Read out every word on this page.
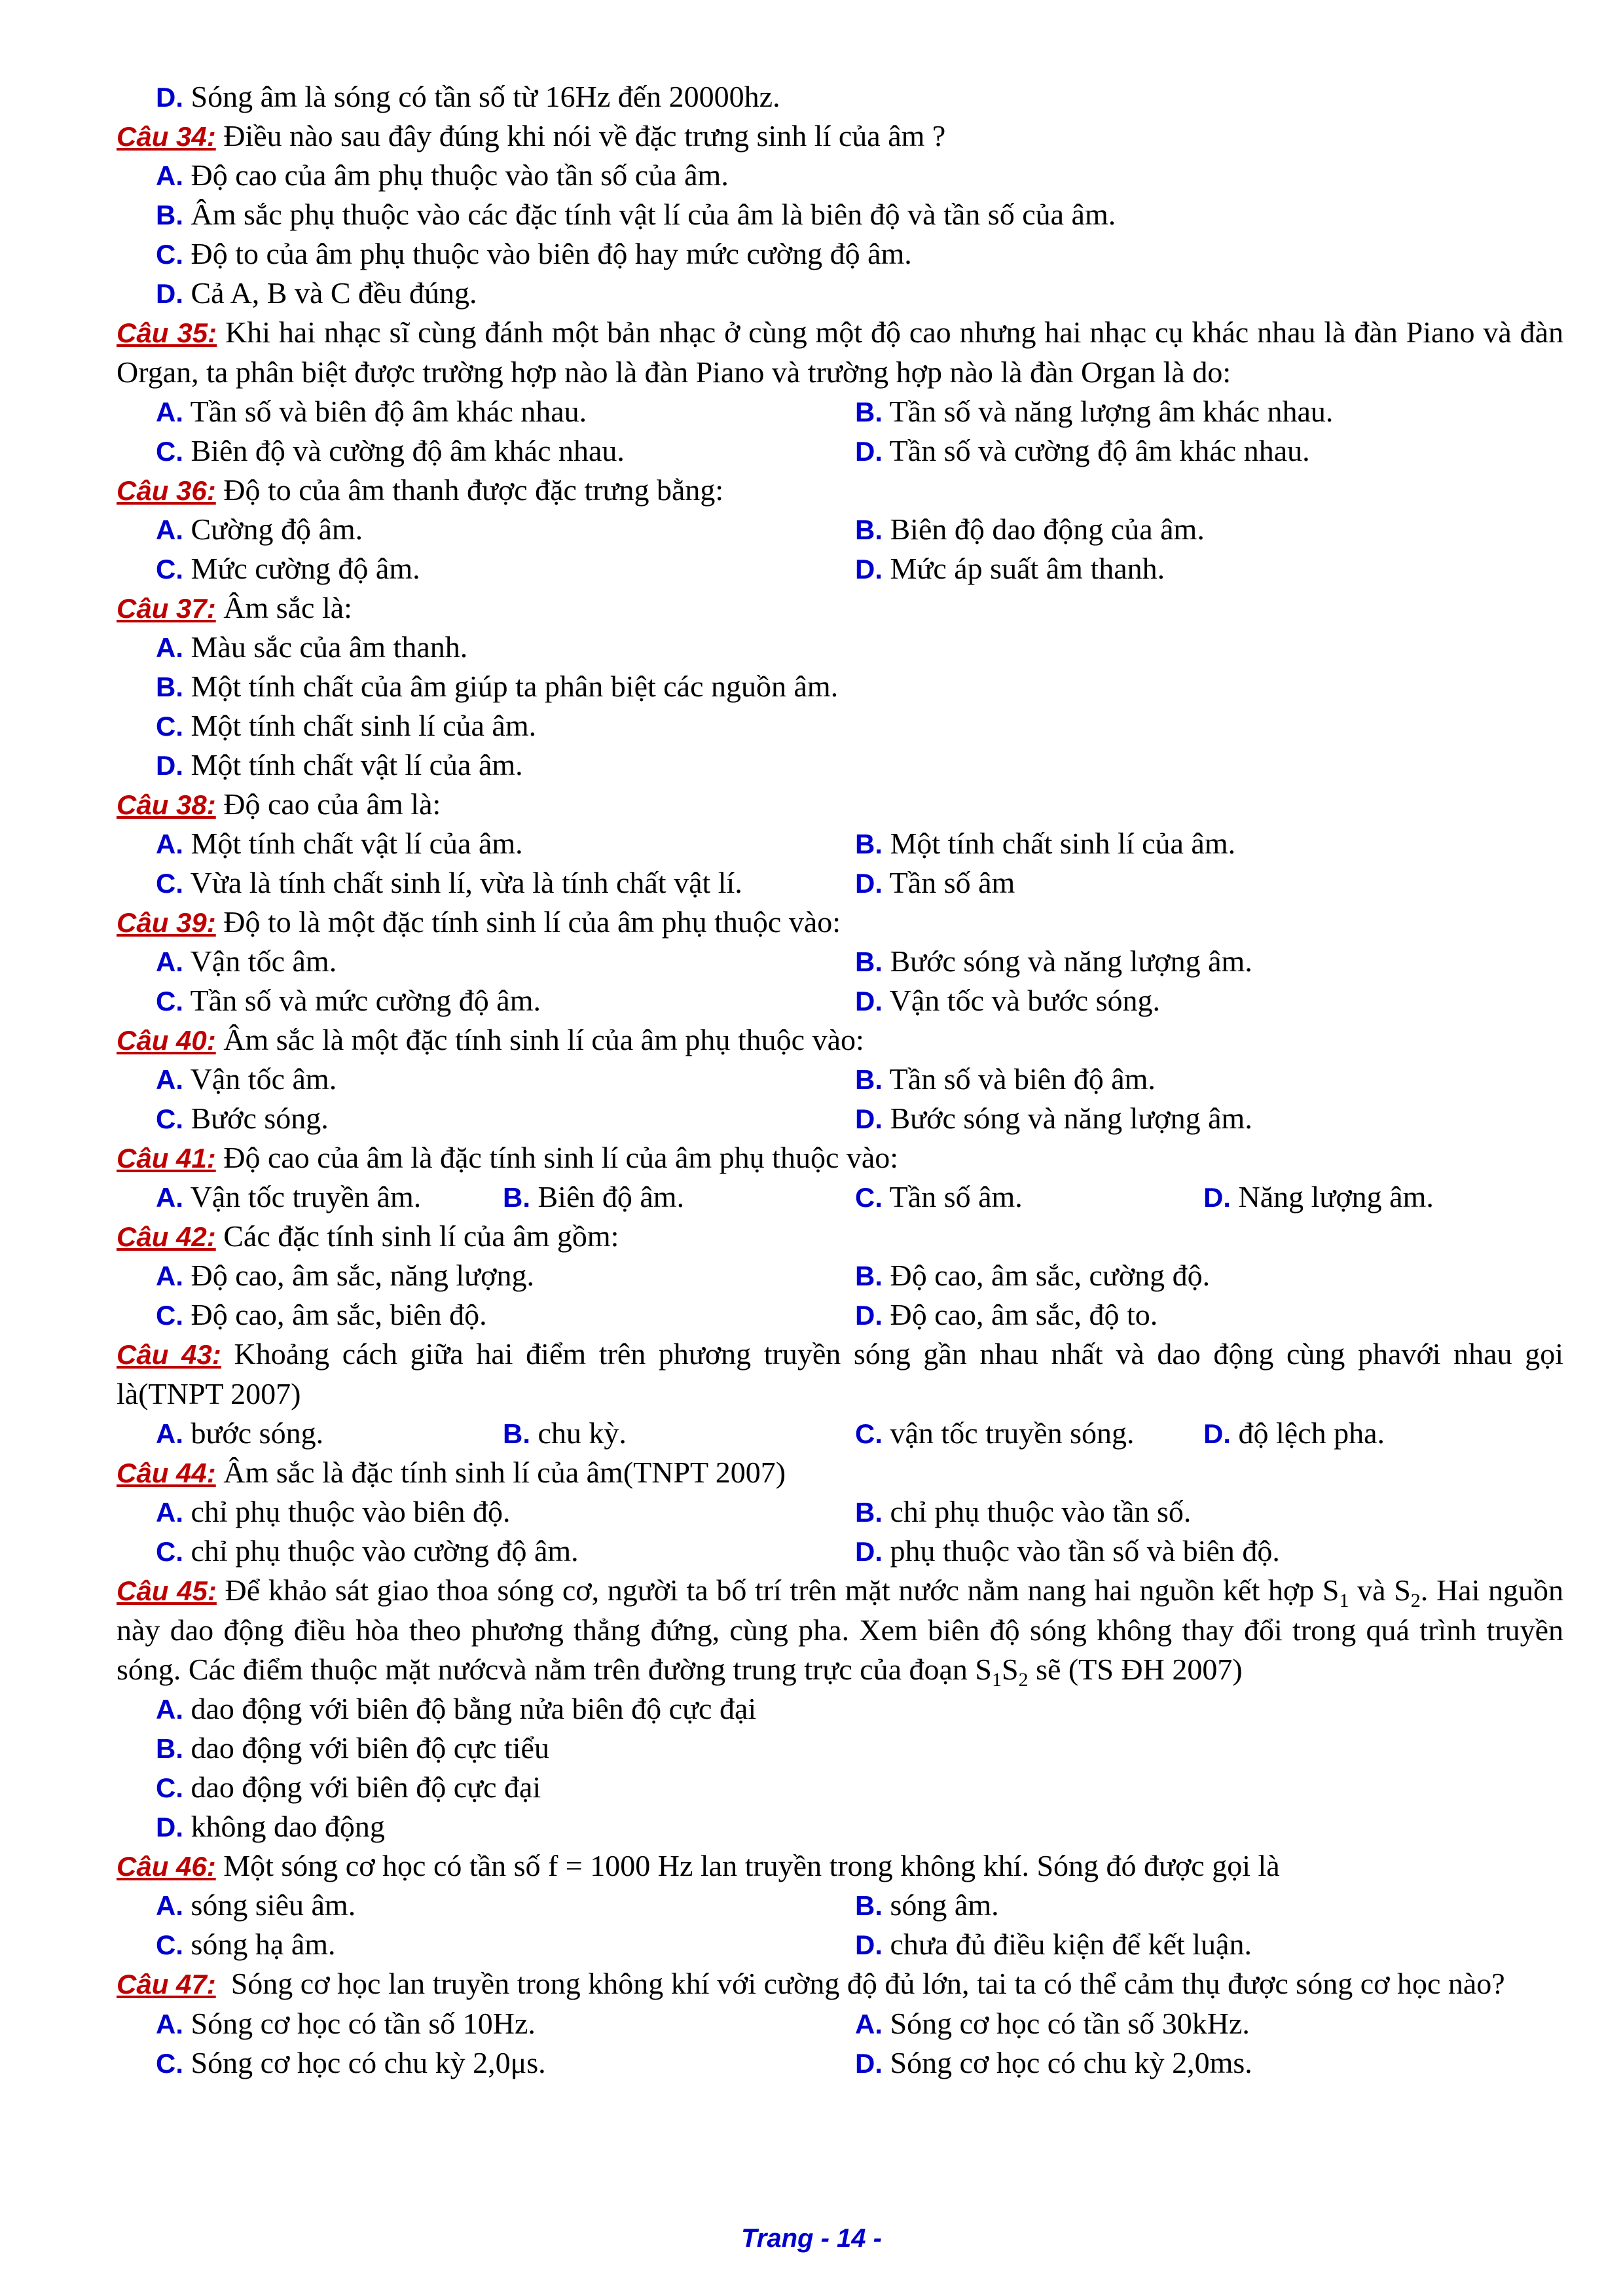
D. Sóng âm là sóng có tần số từ 16Hz đến 20000hz.
Câu 34: Điều nào sau đây đúng khi nói về đặc trưng sinh lí của âm ?
A. Độ cao của âm phụ thuộc vào tần số của âm.
B. Âm sắc phụ thuộc vào các đặc tính vật lí của âm là biên độ và tần số của âm.
C. Độ to của âm phụ thuộc vào biên độ hay mức cường độ âm.
D. Cả A, B và C đều đúng.
Câu 35: Khi hai nhạc sĩ cùng đánh một bản nhạc ở cùng một độ cao nhưng hai nhạc cụ khác nhau là đàn Piano và đàn Organ, ta phân biệt được trường hợp nào là đàn Piano và trường hợp nào là đàn Organ là do:
A. Tần số và biên độ âm khác nhau.	B. Tần số và năng lượng âm khác nhau.
C. Biên độ và cường độ âm khác nhau.	D. Tần số và cường độ âm khác nhau.
Câu 36: Độ to của âm thanh được đặc trưng bằng:
A. Cường độ âm.	B. Biên độ dao động của âm.
C. Mức cường độ âm.	D. Mức áp suất âm thanh.
Câu 37: Âm sắc là:
A. Màu sắc của âm thanh.
B. Một tính chất của âm giúp ta phân biệt các nguồn âm.
C. Một tính chất sinh lí của âm.
D. Một tính chất vật lí của âm.
Câu 38: Độ cao của âm là:
A. Một tính chất vật lí của âm.	B. Một tính chất sinh lí của âm.
C. Vừa là tính chất sinh lí, vừa là tính chất vật lí.	D. Tần số âm
Câu 39: Độ to là một đặc tính sinh lí của âm phụ thuộc vào:
A. Vận tốc âm.	B. Bước sóng và năng lượng âm.
C. Tần số và mức cường độ âm.	D. Vận tốc và bước sóng.
Câu 40: Âm sắc là một đặc tính sinh lí của âm phụ thuộc vào:
A. Vận tốc âm.	B. Tần số và biên độ âm.
C. Bước sóng.	D. Bước sóng và năng lượng âm.
Câu 41: Độ cao của âm là đặc tính sinh lí của âm phụ thuộc vào:
A. Vận tốc truyền âm.	B. Biên độ âm.	C. Tần số âm.	D. Năng lượng âm.
Câu 42: Các đặc tính sinh lí của âm gồm:
A. Độ cao, âm sắc, năng lượng.	B. Độ cao, âm sắc, cường độ.
C. Độ cao, âm sắc, biên độ.	D. Độ cao, âm sắc, độ to.
Câu 43: Khoảng cách giữa hai điểm trên phương truyền sóng gần nhau nhất và dao động cùng phavới nhau gọi là(TNPT 2007)
A. bước sóng.	B. chu kỳ.	C. vận tốc truyền sóng.	D. độ lệch pha.
Câu 44: Âm sắc là đặc tính sinh lí của âm(TNPT 2007)
A. chỉ phụ thuộc vào biên độ.	B. chỉ phụ thuộc vào tần số.
C. chỉ phụ thuộc vào cường độ âm.	D. phụ thuộc vào tần số và biên độ.
Câu 45: Để khảo sát giao thoa sóng cơ, người ta bố trí trên mặt nước nằm nang hai nguồn kết hợp $S_1$ và $S_2$. Hai nguồn này dao động điều hòa theo phương thẳng đứng, cùng pha. Xem biên độ sóng không thay đổi trong quá trình truyền sóng. Các điểm thuộc mặt nướcvà nằm trên đường trung trực của đoạn $S_1S_2$ sẽ (TS ĐH 2007)
A. dao động với biên độ bằng nửa biên độ cực đại
B. dao động với biên độ cực tiểu
C. dao động với biên độ cực đại
D. không dao động
Câu 46: Một sóng cơ học có tần số f = 1000 Hz lan truyền trong không khí. Sóng đó được gọi là
A. sóng siêu âm.	B. sóng âm.
C. sóng hạ âm.	D. chưa đủ điều kiện để kết luận.
Câu 47: Sóng cơ học lan truyền trong không khí với cường độ đủ lớn, tai ta có thể cảm thụ được sóng cơ học nào?
A. Sóng cơ học có tần số 10Hz.	A. Sóng cơ học có tần số 30kHz.
C. Sóng cơ học có chu kỳ 2,0μs.	D. Sóng cơ học có chu kỳ 2,0ms.
Trang - 14 -
